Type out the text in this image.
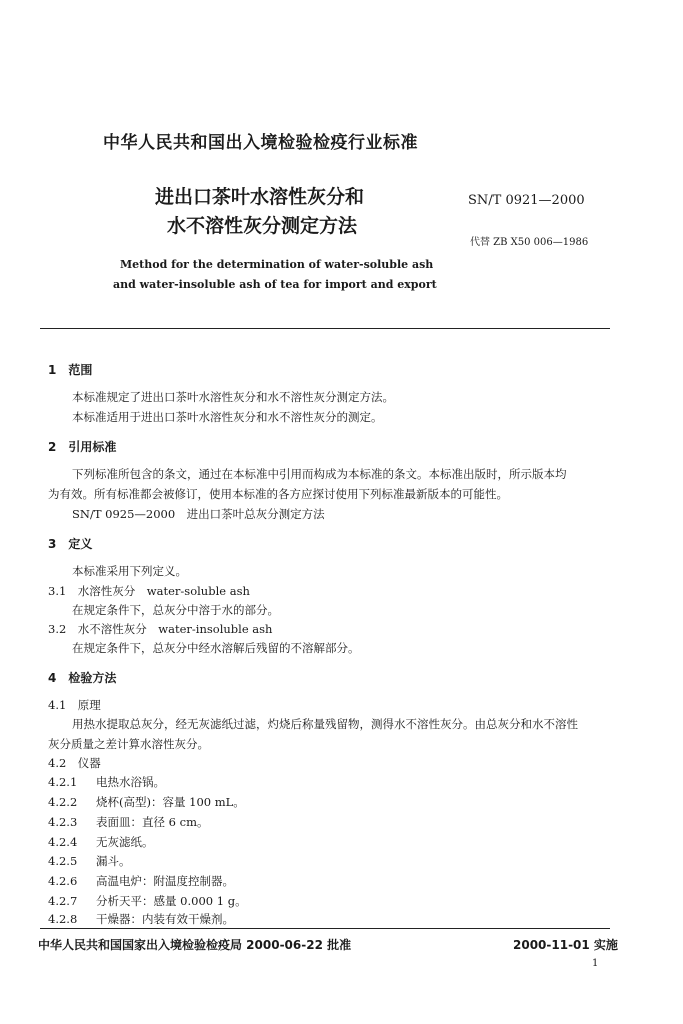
中华人民共和国出入境检验检疫行业标准
进出口茶叶水溶性灰分和
水不溶性灰分测定方法
SN/T 0921—2000
代替 ZB X50 006—1986
Method for the determination of water-soluble ash
and water-insoluble ash of tea for import and export
1　范围
本标准规定了进出口茶叶水溶性灰分和水不溶性灰分测定方法。
本标准适用于进出口茶叶水溶性灰分和水不溶性灰分的测定。
2　引用标准
下列标准所包含的条文，通过在本标准中引用而构成为本标准的条文。本标准出版时，所示版本均
为有效。所有标准都会被修订，使用本标准的各方应探讨使用下列标准最新版本的可能性。
SN/T 0925—2000　进出口茶叶总灰分测定方法
3　定义
本标准采用下列定义。
3.1　水溶性灰分　water-soluble ash
在规定条件下，总灰分中溶于水的部分。
3.2　水不溶性灰分　water-insoluble ash
在规定条件下，总灰分中经水溶解后残留的不溶解部分。
4　检验方法
4.1　原理
用热水提取总灰分，经无灰滤纸过滤，灼烧后称量残留物，测得水不溶性灰分。由总灰分和水不溶性
灰分质量之差计算水溶性灰分。
4.2　仪器
4.2.1 电热水浴锅。
4.2.2 烧杯(高型)：容量 100 mL。
4.2.3 表面皿：直径 6 cm。
4.2.4 无灰滤纸。
4.2.5 漏斗。
4.2.6 高温电炉：附温度控制器。
4.2.7 分析天平：感量 0.000 1 g。
4.2.8 干燥器：内装有效干燥剂。
中华人民共和国国家出入境检验检疫局 2000-06-22 批准	2000-11-01 实施
1
